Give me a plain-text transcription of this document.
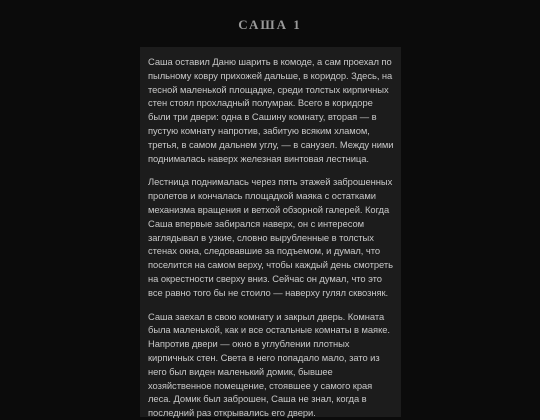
САША 1

Саша оставил Даню шарить в комоде, а сам проехал по пыльному ковру прихожей дальше, в коридор. Здесь, на тесной маленькой площадке, среди толстых кирпичных стен стоял прохладный полумрак. Всего в коридоре были три двери: одна в Сашину комнату, вторая — в пустую комнату напротив, забитую всяким хламом, третья, в самом дальнем углу, — в санузел. Между ними поднималась наверх железная винтовая лестница.

Лестница поднималась через пять этажей заброшенных пролетов и кончалась площадкой маяка с остатками механизма вращения и ветхой обзорной галерей. Когда Саша впервые забирался наверх, он с интересом заглядывал в узкие, словно вырубленные в толстых стенах окна, следовавшие за подъемом, и думал, что поселится на самом верху, чтобы каждый день смотреть на окрестности сверху вниз. Сейчас он думал, что это все равно того бы не стоило — наверху гулял сквозняк.

Саша заехал в свою комнату и закрыл дверь. Комната была маленькой, как и все остальные комнаты в маяке. Напротив двери — окно в углублении плотных кирпичных стен. Света в него попадало мало, зато из него был виден маленький домик, бывшее хозяйственное помещение, стоявшее у самого края леса. Домик был заброшен, Саша не знал, когда в последний раз открывались его двери.
